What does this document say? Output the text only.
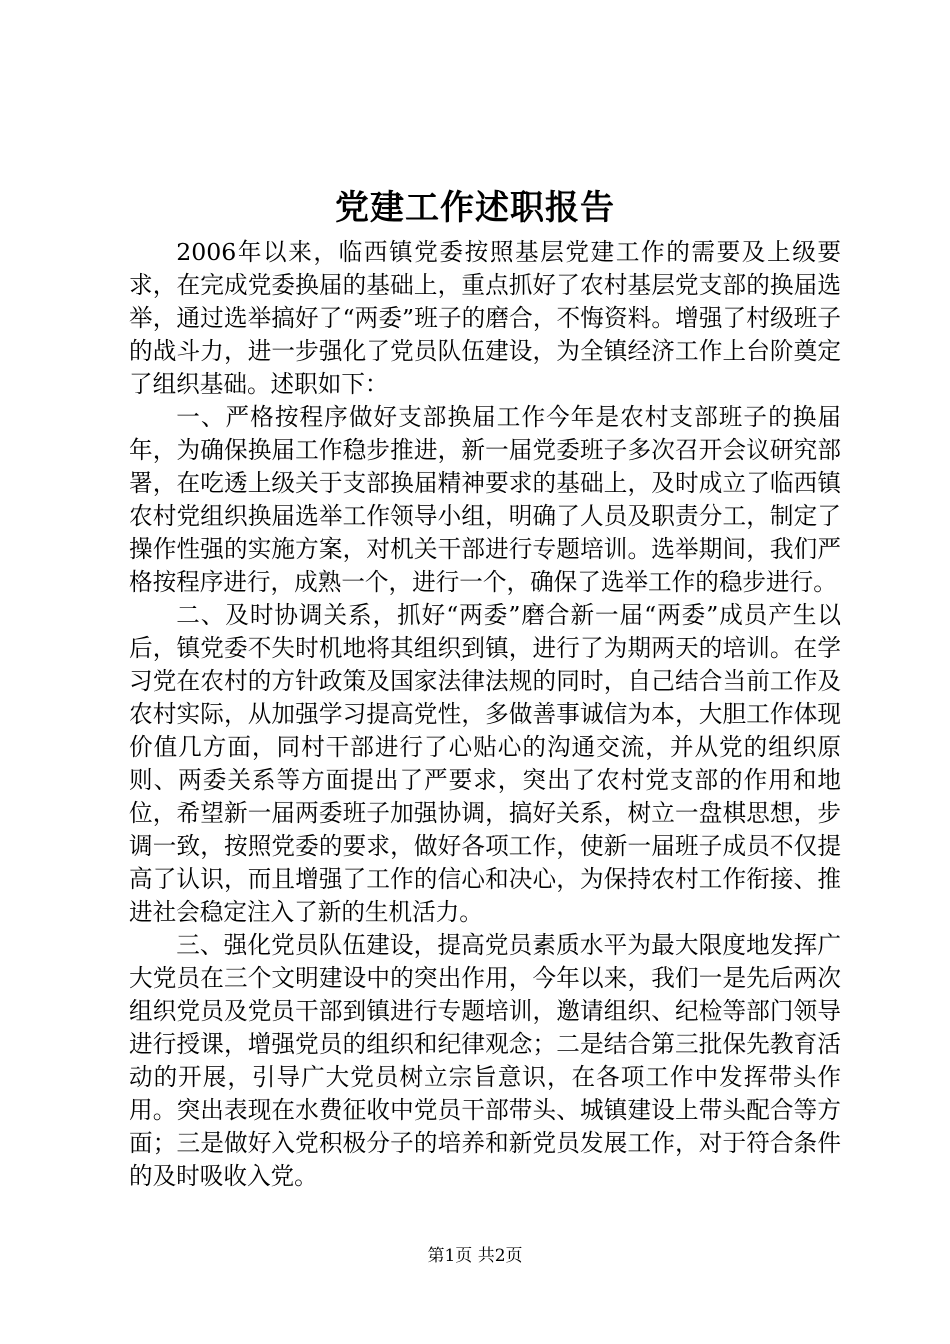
党建工作述职报告

2006年以来，临西镇党委按照基层党建工作的需要及上级要求，在完成党委换届的基础上，重点抓好了农村基层党支部的换届选举，通过选举搞好了“两委”班子的磨合，不悔资料。增强了村级班子的战斗力，进一步强化了党员队伍建设，为全镇经济工作上台阶奠定了组织基础。述职如下：

一、严格按程序做好支部换届工作今年是农村支部班子的换届年，为确保换届工作稳步推进，新一届党委班子多次召开会议研究部署，在吃透上级关于支部换届精神要求的基础上，及时成立了临西镇农村党组织换届选举工作领导小组，明确了人员及职责分工，制定了操作性强的实施方案，对机关干部进行专题培训。选举期间，我们严格按程序进行，成熟一个，进行一个，确保了选举工作的稳步进行。

二、及时协调关系，抓好“两委”磨合新一届“两委”成员产生以后，镇党委不失时机地将其组织到镇，进行了为期两天的培训。在学习党在农村的方针政策及国家法律法规的同时，自己结合当前工作及农村实际，从加强学习提高党性，多做善事诚信为本，大胆工作体现价值几方面，同村干部进行了心贴心的沟通交流，并从党的组织原则、两委关系等方面提出了严要求，突出了农村党支部的作用和地位，希望新一届两委班子加强协调，搞好关系，树立一盘棋思想，步调一致，按照党委的要求，做好各项工作，使新一届班子成员不仅提高了认识，而且增强了工作的信心和决心，为保持农村工作衔接、推进社会稳定注入了新的生机活力。

三、强化党员队伍建设，提高党员素质水平为最大限度地发挥广大党员在三个文明建设中的突出作用，今年以来，我们一是先后两次组织党员及党员干部到镇进行专题培训，邀请组织、纪检等部门领导进行授课，增强党员的组织和纪律观念；二是结合第三批保先教育活动的开展，引导广大党员树立宗旨意识，在各项工作中发挥带头作用。突出表现在水费征收中党员干部带头、城镇建设上带头配合等方面；三是做好入党积极分子的培养和新党员发展工作，对于符合条件的及时吸收入党。

第1页 共2页
